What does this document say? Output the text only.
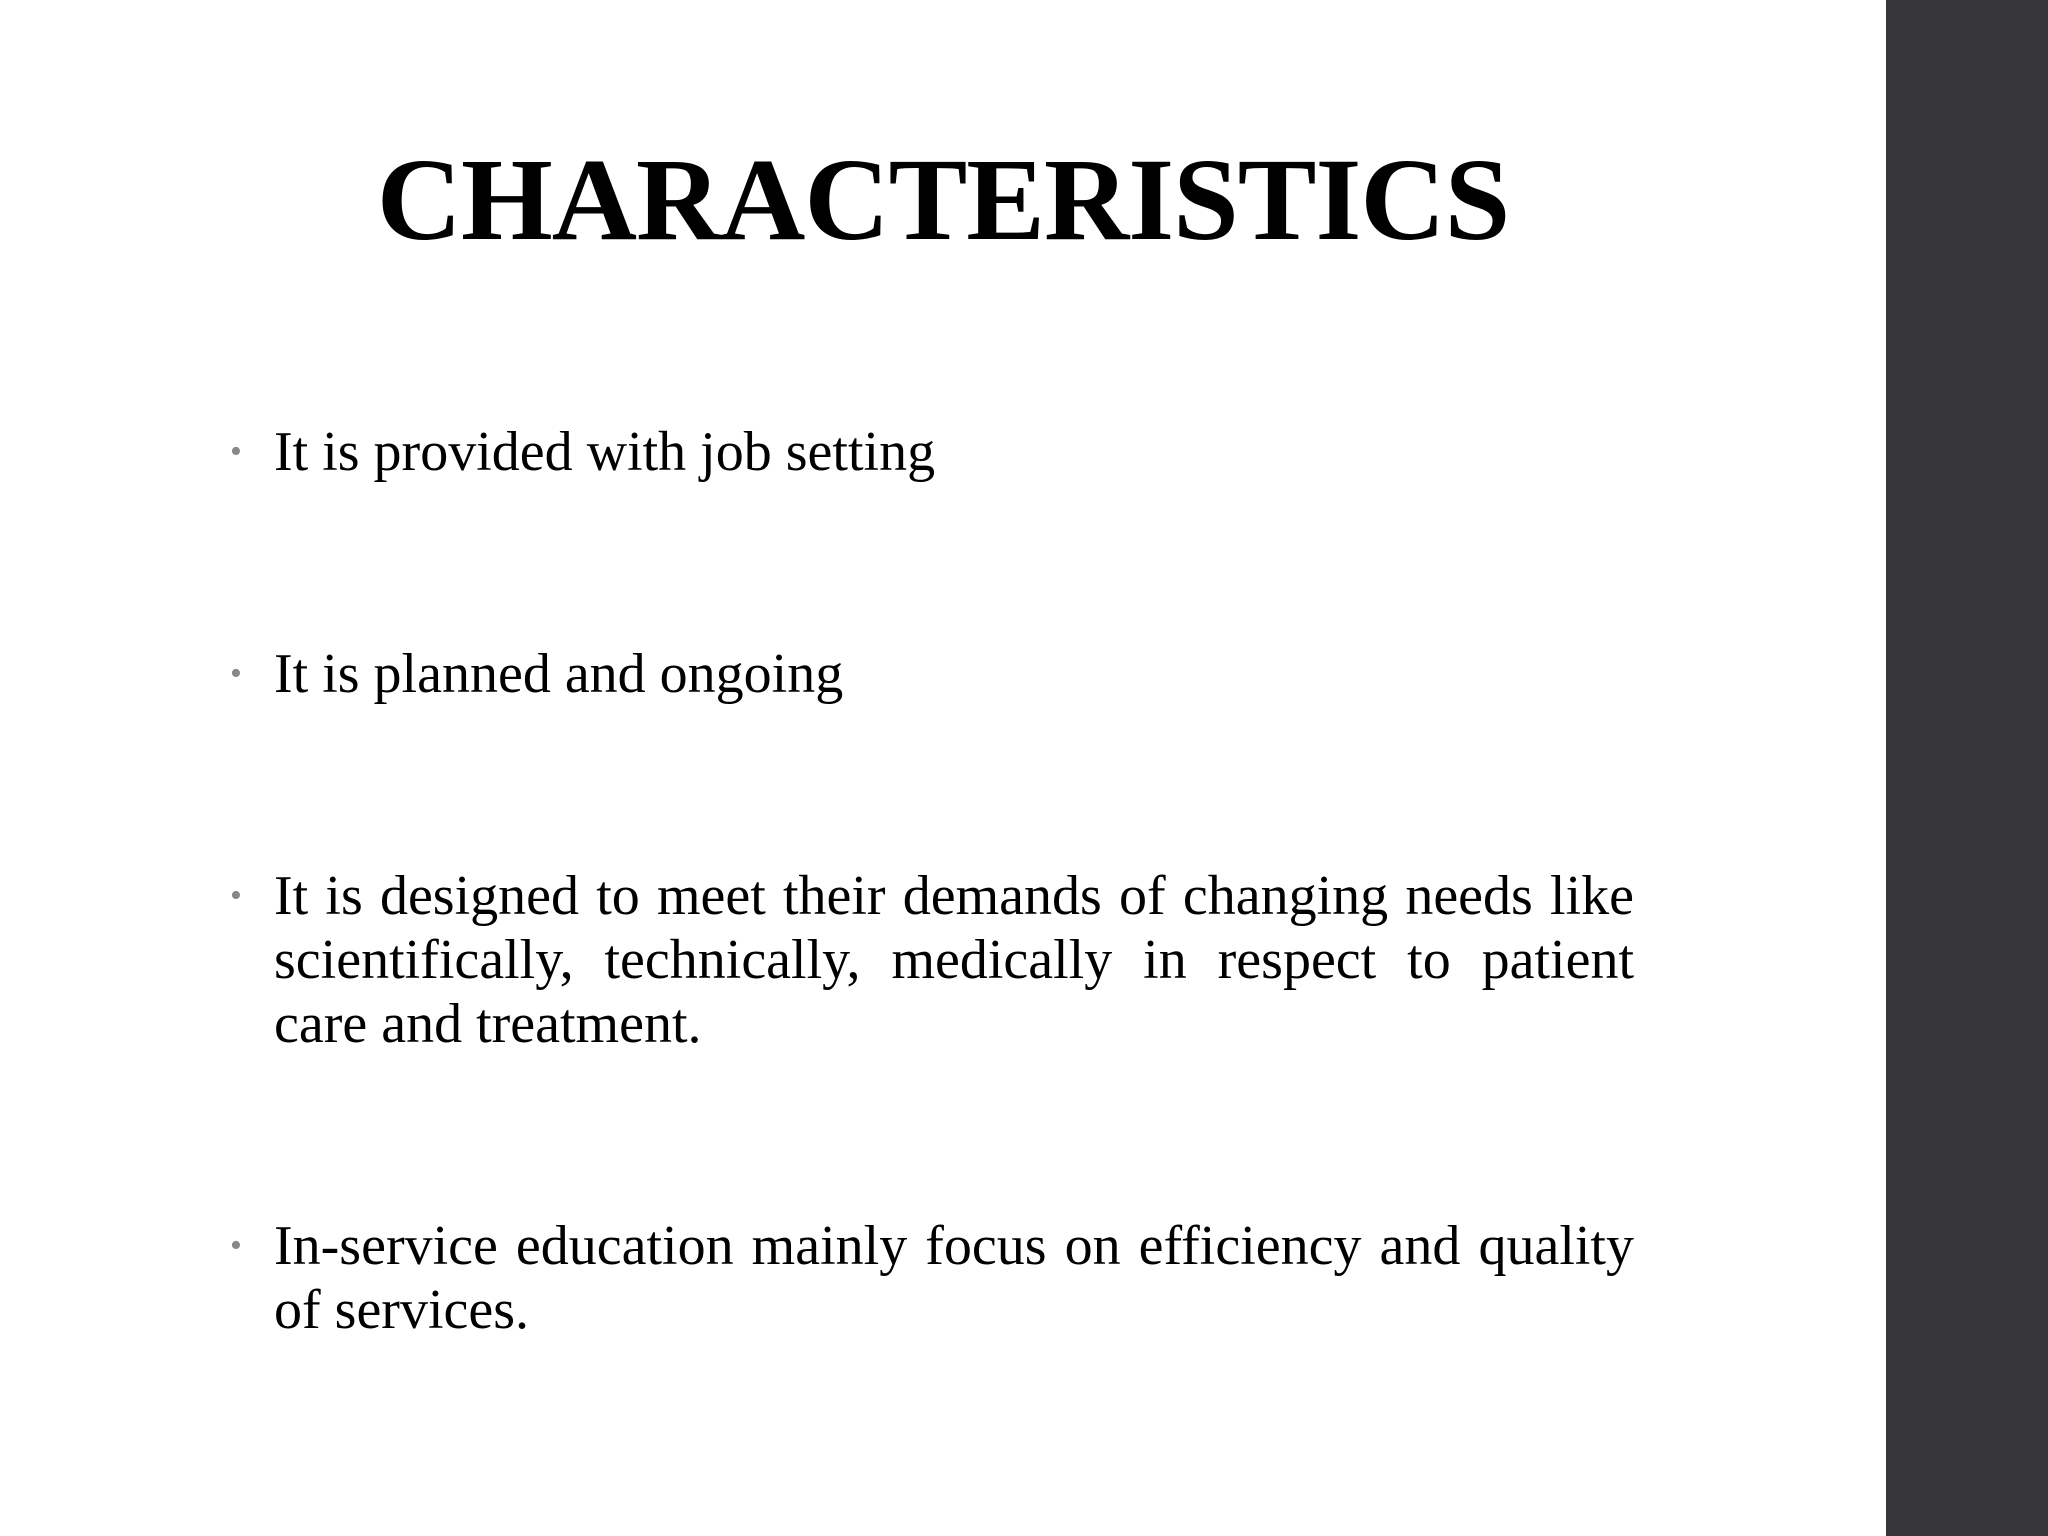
CHARACTERISTICS
• It is provided with job setting
• It is planned and ongoing
• It is designed to meet their demands of changing needs like scientifically, technically, medically in respect to patient care and treatment.
• In-service education mainly focus on efficiency and quality of services.
